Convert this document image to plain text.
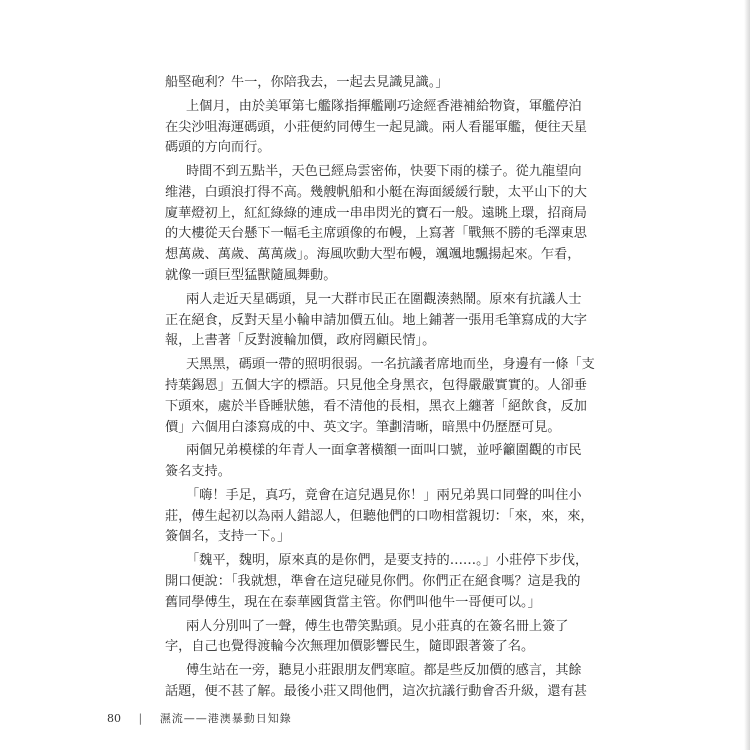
船堅砲利？牛一，你陪我去，一起去見識見識。」
上個月，由於美軍第七艦隊指揮艦剛巧途經香港補給物資，軍艦停泊
在尖沙咀海運碼頭，小莊便約同傅生一起見識。兩人看罷軍艦，便往天星
碼頭的方向而行。
時間不到五點半，天色已經烏雲密佈，快要下雨的樣子。從九龍望向
维港，白頭浪打得不高。幾艘帆船和小艇在海面緩緩行駛，太平山下的大
廈華燈初上，紅紅綠綠的連成一串串閃光的寶石一般。遠眺上環，招商局
的大樓從天台懸下一幅毛主席頭像的布幔，上寫著「戰無不勝的毛澤東思
想萬歲、萬歲、萬萬歲」。海風吹動大型布幔，颯颯地飄揚起來。乍看，
就像一頭巨型猛獸隨風舞動。
兩人走近天星碼頭，見一大群市民正在圍觀湊熱鬧。原來有抗議人士
正在絕食，反對天星小輪申請加價五仙。地上鋪著一張用毛筆寫成的大字
報，上書著「反對渡輪加價，政府罔顧民情」。
天黑黑，碼頭一帶的照明很弱。一名抗議者席地而坐，身邊有一條「支
持葉錫恩」五個大字的標語。只見他全身黑衣，包得嚴嚴實實的。人卻垂
下頭來，處於半昏睡狀態，看不清他的長相，黑衣上纏著「絕飲食，反加
價」六個用白漆寫成的中、英文字。筆劃清晰，暗黑中仍歷歷可見。
兩個兄弟模樣的年青人一面拿著橫額一面叫口號，並呼籲圍觀的市民
簽名支持。
「嗨！手足，真巧，竟會在這兒遇見你！」兩兄弟異口同聲的叫住小
莊，傅生起初以為兩人錯認人，但聽他們的口吻相當親切：「來，來，來，
簽個名，支持一下。」
「魏平，魏明，原來真的是你們，是要支持的……。」小莊停下步伐，
開口便說：「我就想，準會在這兒碰見你們。你們正在絕食嗎？這是我的
舊同學傅生，現在在泰華國貨當主管。你們叫他牛一哥便可以。」
兩人分別叫了一聲，傅生也帶笑點頭。見小莊真的在簽名冊上簽了
字，自己也覺得渡輪今次無理加價影響民生，隨即跟著簽了名。
傅生站在一旁，聽見小莊跟朋友們寒暄。都是些反加價的感言，其餘
話題，便不甚了解。最後小莊又問他們，這次抗議行動會否升級，還有甚
80 | 濕流——港澳暴動日知錄
